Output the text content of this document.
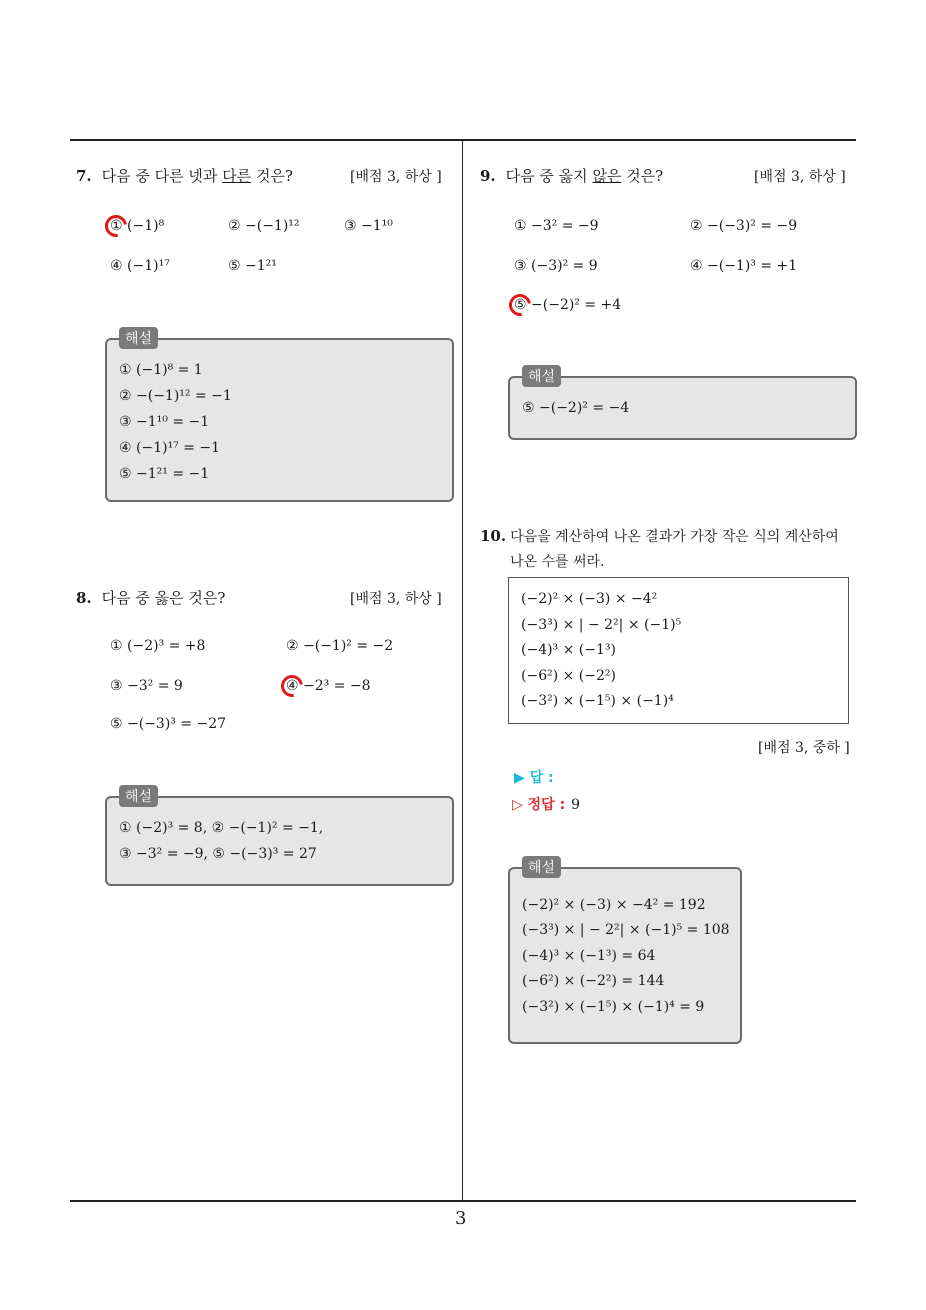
3
7. 다음 중 다른 넷과 다른 것은?	[배점 3, 하상 ]
① (−1)⁸	② −(−1)¹²	③ −1¹⁰
④ (−1)¹⁷	⑤ −1²¹
해설
① (−1)⁸ = 1
② −(−1)¹² = −1
③ −1¹⁰ = −1
④ (−1)¹⁷ = −1
⑤ −1²¹ = −1
8. 다음 중 옳은 것은?	[배점 3, 하상 ]
① (−2)³ = +8	② −(−1)² = −2
③ −3² = 9	④ −2³ = −8
⑤ −(−3)³ = −27
해설
① (−2)³ = 8, ② −(−1)² = −1,
③ −3² = −9, ⑤ −(−3)³ = 27
9. 다음 중 옳지 않은 것은?	[배점 3, 하상 ]
① −3² = −9	② −(−3)² = −9
③ (−3)² = 9	④ −(−1)³ = +1
⑤ −(−2)² = +4
해설
⑤ −(−2)² = −4
10. 다음을 계산하여 나온 결과가 가장 작은 식의 계산하여
나온 수를 써라.
(−2)² × (−3) × −4²
(−3³) × | − 2²| × (−1)⁵
(−4)³ × (−1³)
(−6²) × (−2²)
(−3²) × (−1⁵) × (−1)⁴
[배점 3, 중하 ]
▶ 답 :
▷ 정답 : 9
해설
(−2)² × (−3) × −4² = 192
(−3³) × | − 2²| × (−1)⁵ = 108
(−4)³ × (−1³) = 64
(−6²) × (−2²) = 144
(−3²) × (−1⁵) × (−1)⁴ = 9
